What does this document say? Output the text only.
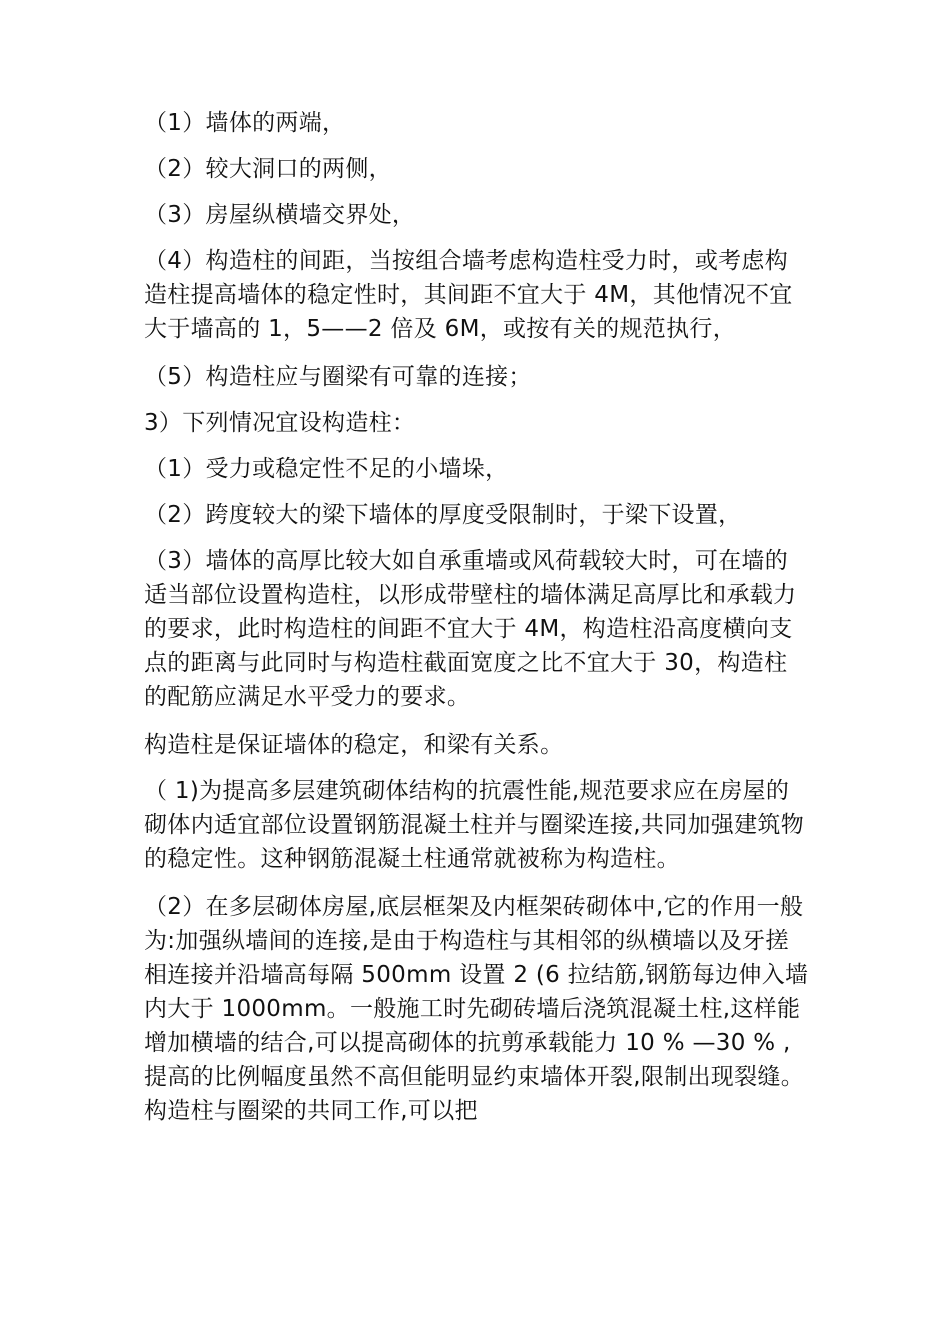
（1）墙体的两端，

（2）较大洞口的两侧，

（3）房屋纵横墙交界处，

（4）构造柱的间距，当按组合墙考虑构造柱受力时，或考虑构造柱提高墙体的稳定性时，其间距不宜大于 4M，其他情况不宜大于墙高的 1，5——2 倍及 6M，或按有关的规范执行，

（5）构造柱应与圈梁有可靠的连接；

3）下列情况宜设构造柱：

（1）受力或稳定性不足的小墙垛，

（2）跨度较大的梁下墙体的厚度受限制时，于梁下设置，

（3）墙体的高厚比较大如自承重墙或风荷载较大时，可在墙的适当部位设置构造柱，以形成带壁柱的墙体满足高厚比和承载力的要求，此时构造柱的间距不宜大于 4M，构造柱沿高度横向支点的距离与此同时与构造柱截面宽度之比不宜大于 30，构造柱的配筋应满足水平受力的要求。

构造柱是保证墙体的稳定，和梁有关系。

（ 1)为提高多层建筑砌体结构的抗震性能,规范要求应在房屋的砌体内适宜部位设置钢筋混凝土柱并与圈梁连接,共同加强建筑物的稳定性。这种钢筋混凝土柱通常就被称为构造柱。

（2）在多层砌体房屋,底层框架及内框架砖砌体中,它的作用一般为:加强纵墙间的连接,是由于构造柱与其相邻的纵横墙以及牙搓相连接并沿墙高每隔 500mm 设置 2 (6 拉结筋,钢筋每边伸入墙内大于 1000mm。一般施工时先砌砖墙后浇筑混凝土柱,这样能增加横墙的结合,可以提高砌体的抗剪承载能力 10 % —30 % ,提高的比例幅度虽然不高但能明显约束墙体开裂,限制出现裂缝。构造柱与圈梁的共同工作,可以把
